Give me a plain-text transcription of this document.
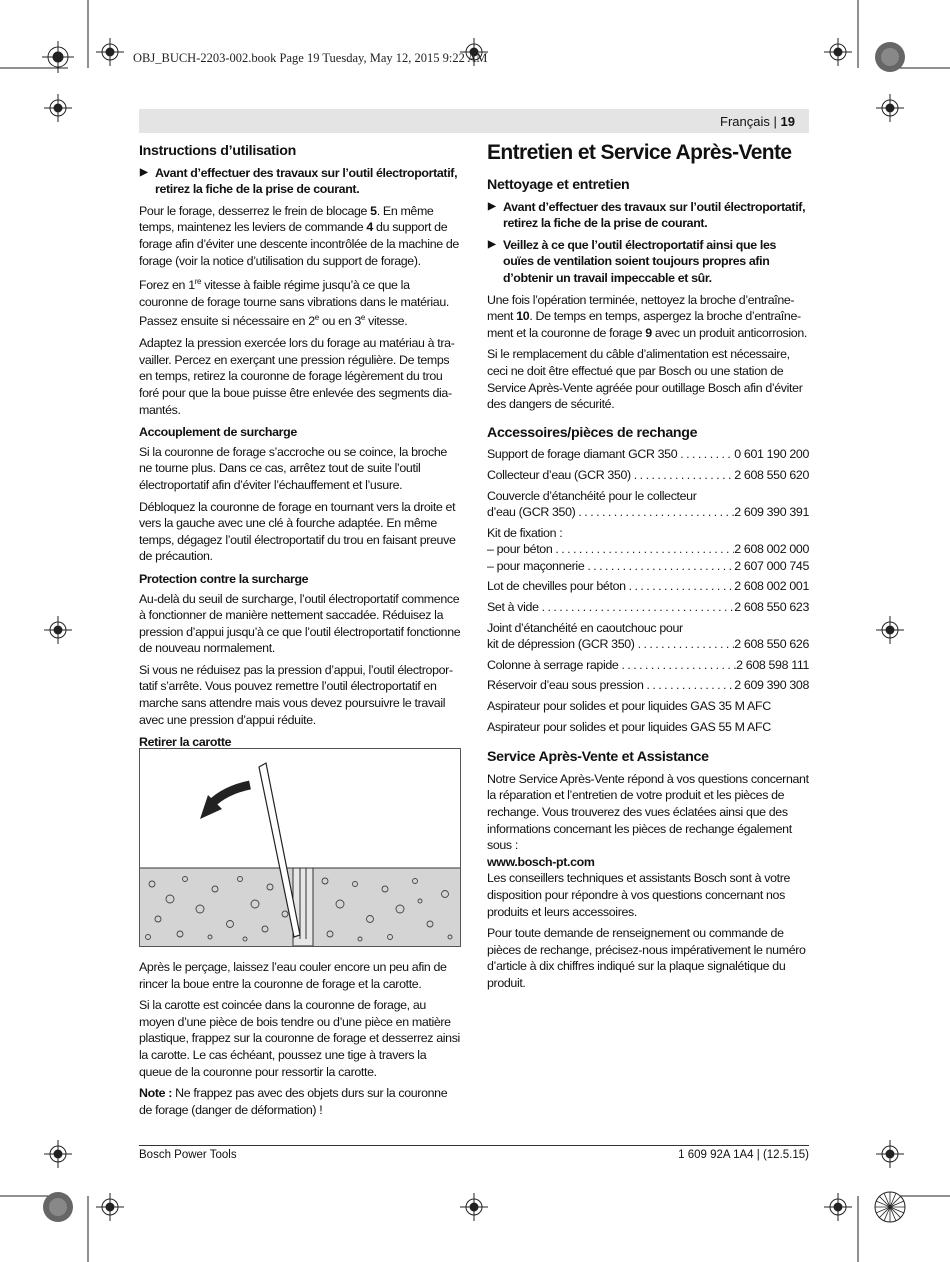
OBJ_BUCH-2203-002.book Page 19 Tuesday, May 12, 2015 9:22 AM
Français | 19
Instructions d’utilisation
▶ Avant d’effectuer des travaux sur l’outil électroportatif, retirez la fiche de la prise de courant.

Pour le forage, desserrez le frein de blocage 5. En même temps, maintenez les leviers de commande 4 du support de forage afin d’éviter une descente incontrôlée de la machine de forage (voir la notice d’utilisation du support de forage).

Forez en 1re vitesse à faible régime jusqu’à ce que la couronne de forage tourne sans vibrations dans le matériau. Passez ensuite si nécessaire en 2e ou en 3e vitesse.

Adaptez la pression exercée lors du forage au matériau à travailler. Percez en exerçant une pression régulière. De temps en temps, retirez la couronne de forage légèrement du trou foré pour que la boue puisse être enlevée des segments diamantés.

Accouplement de surcharge

Si la couronne de forage s’accroche ou se coince, la broche ne tourne plus. Dans ce cas, arrêtez tout de suite l’outil électroportatif afin d’éviter l’échauffement et l’usure.

Débloquez la couronne de forage en tournant vers la droite et vers la gauche avec une clé à fourche adaptée. En même temps, dégagez l’outil électroportatif du trou en faisant preuve de précaution.

Protection contre la surcharge

Au-delà du seuil de surcharge, l’outil électroportatif commence à fonctionner de manière nettement saccadée. Réduisez la pression d’appui jusqu’à ce que l’outil électroportatif fonctionne de nouveau normalement.

Si vous ne réduisez pas la pression d’appui, l’outil électroportatif s’arrête. Vous pouvez remettre l’outil électroportatif en marche sans attendre mais vous devez poursuivre le travail avec une pression d’appui réduite.

Retirer la carotte

Après le perçage, laissez l’eau couler encore un peu afin de rincer la boue entre la couronne de forage et la carotte.

Si la carotte est coincée dans la couronne de forage, au moyen d’une pièce de bois tendre ou d’une pièce en matière plastique, frappez sur la couronne de forage et desserrez ainsi la carotte. Le cas échéant, poussez une tige à travers la queue de la couronne pour ressortir la carotte.

Note : Ne frappez pas avec des objets durs sur la couronne de forage (danger de déformation) !

Entretien et Service Après-Vente
Nettoyage et entretien
▶ Avant d’effectuer des travaux sur l’outil électroportatif, retirez la fiche de la prise de courant.
▶ Veillez à ce que l’outil électroportatif ainsi que les ouïes de ventilation soient toujours propres afin d’obtenir un travail impeccable et sûr.

Une fois l’opération terminée, nettoyez la broche d’entraînement 10. De temps en temps, aspergez la broche d’entraînement et la couronne de forage 9 avec un produit anticorrosion.

Si le remplacement du câble d’alimentation est nécessaire, ceci ne doit être effectué que par Bosch ou une station de Service Après-Vente agréée pour outillage Bosch afin d’éviter des dangers de sécurité.

Accessoires/pièces de rechange
Support de forage diamant GCR 350 . . .	0 601 190 200
Collecteur d’eau (GCR 350) . . .	2 608 550 620
Couvercle d’étanchéité pour le collecteur
d’eau (GCR 350) . . .	2 609 390 391
Kit de fixation :
– pour béton . . .	2 608 002 000
– pour maçonnerie . . .	2 607 000 745
Lot de chevilles pour béton . . .	2 608 002 001
Set à vide . . .	2 608 550 623
Joint d’étanchéité en caoutchouc pour
kit de dépression (GCR 350) . . .	2 608 550 626
Colonne à serrage rapide . . .	2 608 598 111
Réservoir d’eau sous pression . . .	2 609 390 308
Aspirateur pour solides et pour liquides GAS 35 M AFC
Aspirateur pour solides et pour liquides GAS 55 M AFC
Service Après-Vente et Assistance

Notre Service Après-Vente répond à vos questions concernant la réparation et l’entretien de votre produit et les pièces de rechange. Vous trouverez des vues éclatées ainsi que des informations concernant les pièces de rechange également sous :

www.bosch-pt.com

Les conseillers techniques et assistants Bosch sont à votre disposition pour répondre à vos questions concernant nos produits et leurs accessoires.

Pour toute demande de renseignement ou commande de pièces de rechange, précisez-nous impérativement le numéro d’article à dix chiffres indiqué sur la plaque signalétique du produit.

Bosch Power Tools	1 609 92A 1A4 | (12.5.15)
